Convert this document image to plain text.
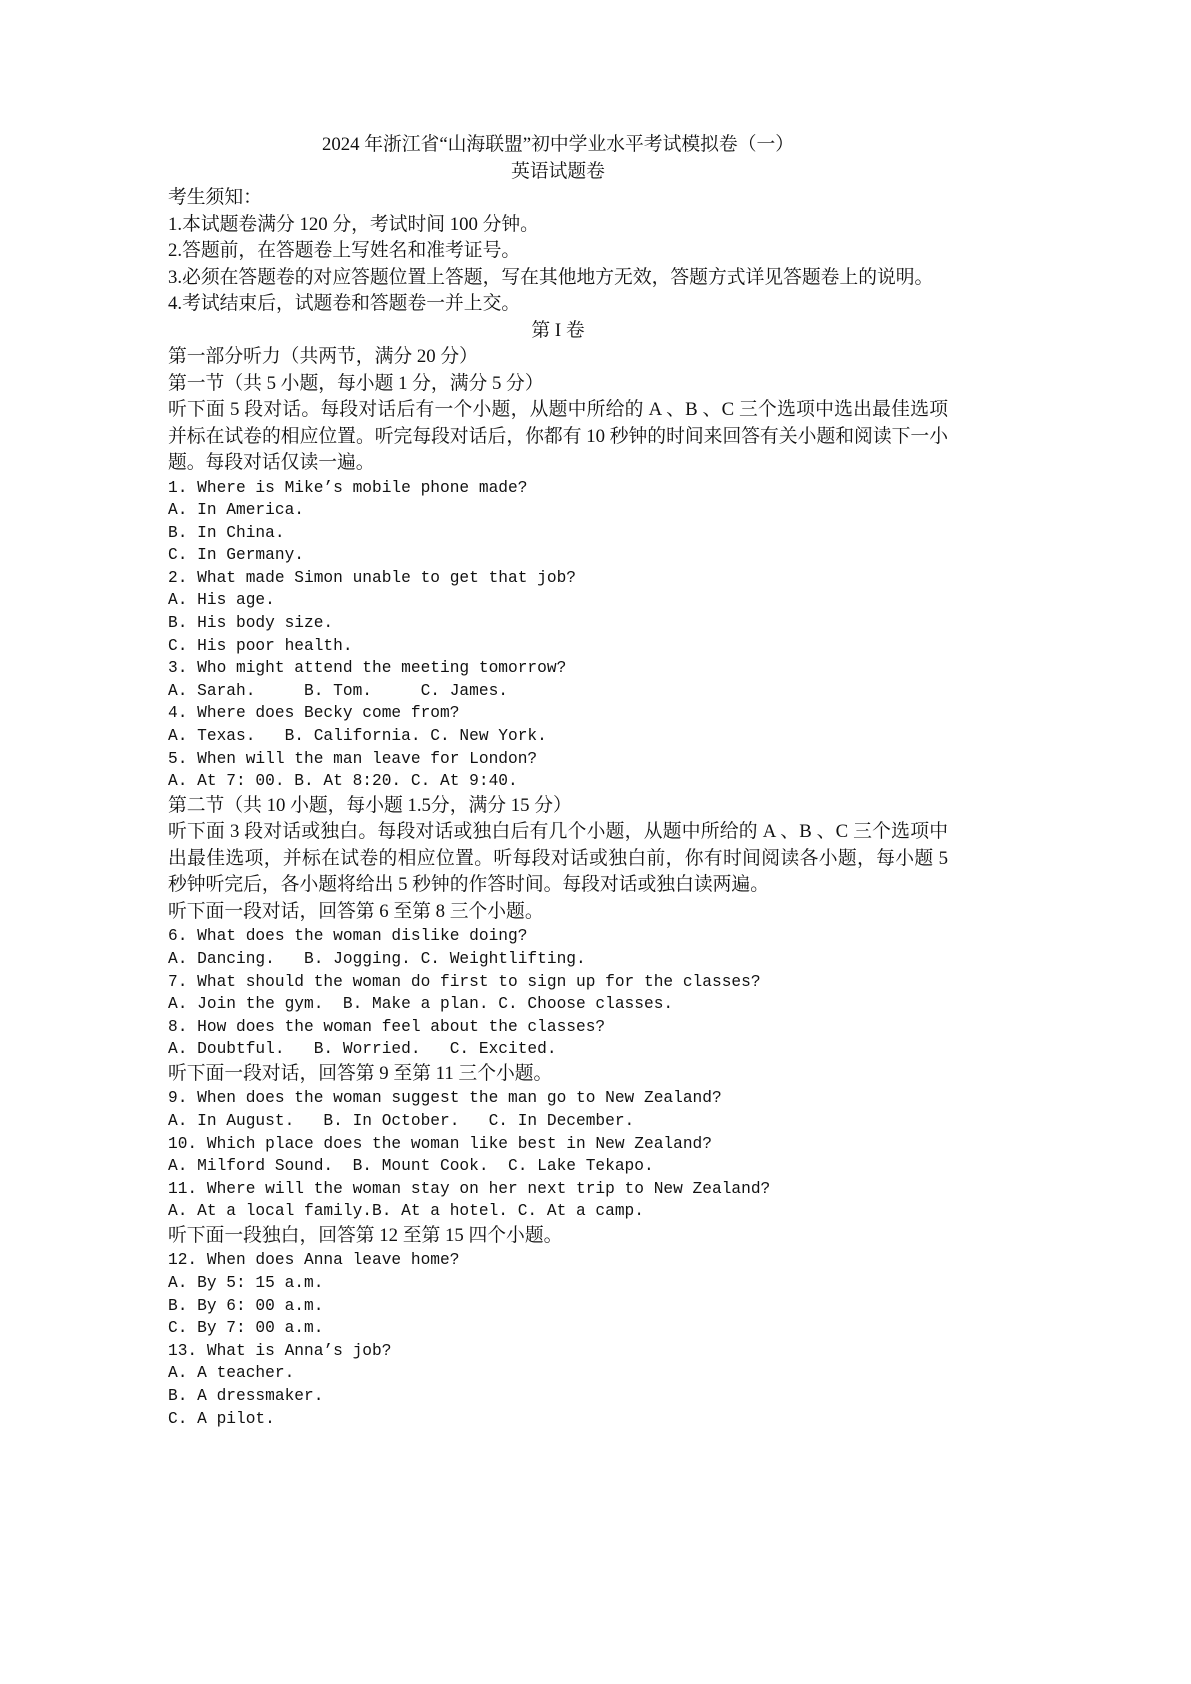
2024 年浙江省“山海联盟”初中学业水平考试模拟卷（一）
英语试题卷
考生须知：
1.本试题卷满分 120 分，考试时间 100 分钟。
2.答题前，在答题卷上写姓名和准考证号。
3.必须在答题卷的对应答题位置上答题，写在其他地方无效，答题方式详见答题卷上的说明。
4.考试结束后，试题卷和答题卷一并上交。
第 I 卷
第一部分听力（共两节，满分 20 分）
第一节（共 5 小题，每小题 1 分，满分 5 分）
听下面 5 段对话。每段对话后有一个小题，从题中所给的 A 、B 、C 三个选项中选出最佳选项并标在试卷的相应位置。听完每段对话后，你都有 10 秒钟的时间来回答有关小题和阅读下一小题。每段对话仅读一遍。
1. Where is Mike’s mobile phone made?
A. In America.
B. In China.
C. In Germany.
2. What made Simon unable to get that job?
A. His age.
B. His body size.
C. His poor health.
3. Who might attend the meeting tomorrow?
A. Sarah.     B. Tom.     C. James.
4. Where does Becky come from?
A. Texas.   B. California. C. New York.
5. When will the man leave for London?
A. At 7: 00. B. At 8:20. C. At 9:40.
第二节（共 10 小题，每小题 1.5分，满分 15 分）
听下面 3 段对话或独白。每段对话或独白后有几个小题，从题中所给的 A 、B 、C 三个选项中出最佳选项，并标在试卷的相应位置。听每段对话或独白前，你有时间阅读各小题，每小题 5 秒钟听完后，各小题将给出 5 秒钟的作答时间。每段对话或独白读两遍。
听下面一段对话，回答第 6 至第 8 三个小题。
6. What does the woman dislike doing?
A. Dancing.   B. Jogging. C. Weightlifting.
7. What should the woman do first to sign up for the classes?
A. Join the gym.  B. Make a plan. C. Choose classes.
8. How does the woman feel about the classes?
A. Doubtful.   B. Worried.   C. Excited.
听下面一段对话，回答第 9 至第 11 三个小题。
9. When does the woman suggest the man go to New Zealand?
A. In August.   B. In October.   C. In December.
10. Which place does the woman like best in New Zealand?
A. Milford Sound.  B. Mount Cook.  C. Lake Tekapo.
11. Where will the woman stay on her next trip to New Zealand?
A. At a local family.B. At a hotel. C. At a camp.
听下面一段独白，回答第 12 至第 15 四个小题。
12. When does Anna leave home?
A. By 5: 15 a.m.
B. By 6: 00 a.m.
C. By 7: 00 a.m.
13. What is Anna’s job?
A. A teacher.
B. A dressmaker.
C. A pilot.
